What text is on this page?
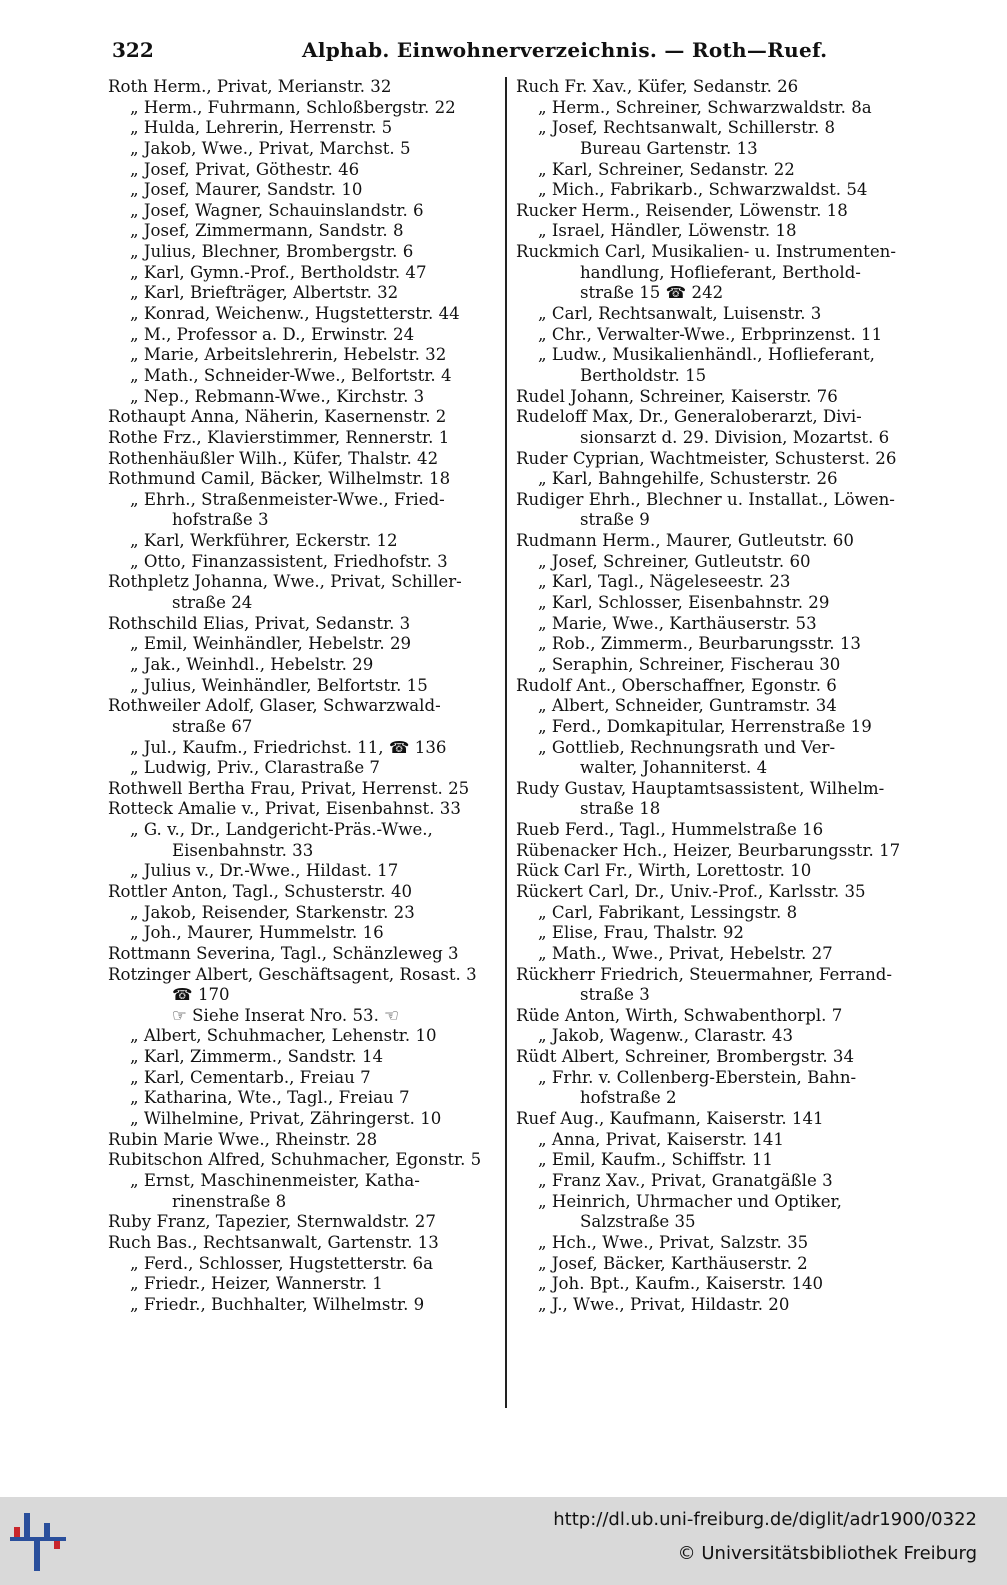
322	Alphab. Einwohnerverzeichnis. — Roth—Ruef.
Roth Herm., Privat, Merianstr. 32
„ Herm., Fuhrmann, Schloßbergstr. 22
„ Hulda, Lehrerin, Herrenstr. 5
„ Jakob, Wwe., Privat, Marchst. 5
„ Josef, Privat, Göthestr. 46
„ Josef, Maurer, Sandstr. 10
„ Josef, Wagner, Schauinslandstr. 6
„ Josef, Zimmermann, Sandstr. 8
„ Julius, Blechner, Brombergstr. 6
„ Karl, Gymn.-Prof., Bertholdstr. 47
„ Karl, Briefträger, Albertstr. 32
„ Konrad, Weichenw., Hugstetterstr. 44
„ M., Professor a. D., Erwinstr. 24
„ Marie, Arbeitslehrerin, Hebelstr. 32
„ Math., Schneider-Wwe., Belfortstr. 4
„ Nep., Rebmann-Wwe., Kirchstr. 3
Rothaupt Anna, Näherin, Kasernenstr. 2
Rothe Frz., Klavierstimmer, Rennerstr. 1
Rothenhäußler Wilh., Küfer, Thalstr. 42
Rothmund Camil, Bäcker, Wilhelmstr. 18
„ Ehrh., Straßenmeister-Wwe., Fried-
hofstraße 3
„ Karl, Werkführer, Eckerstr. 12
„ Otto, Finanzassistent, Friedhofstr. 3
Rothpletz Johanna, Wwe., Privat, Schiller-
straße 24
Rothschild Elias, Privat, Sedanstr. 3
„ Emil, Weinhändler, Hebelstr. 29
„ Jak., Weinhdl., Hebelstr. 29
„ Julius, Weinhändler, Belfortstr. 15
Rothweiler Adolf, Glaser, Schwarzwald-
straße 67
„ Jul., Kaufm., Friedrichst. 11, ☎ 136
„ Ludwig, Priv., Clarastraße 7
Rothwell Bertha Frau, Privat, Herrenst. 25
Rotteck Amalie v., Privat, Eisenbahnst. 33
„ G. v., Dr., Landgericht-Präs.-Wwe.,
Eisenbahnstr. 33
„ Julius v., Dr.-Wwe., Hildast. 17
Rottler Anton, Tagl., Schusterstr. 40
„ Jakob, Reisender, Starkenstr. 23
„ Joh., Maurer, Hummelstr. 16
Rottmann Severina, Tagl., Schänzleweg 3
Rotzinger Albert, Geschäftsagent, Rosast. 3
☎ 170
☞ Siehe Inserat Nro. 53. ☜
„ Albert, Schuhmacher, Lehenstr. 10
„ Karl, Zimmerm., Sandstr. 14
„ Karl, Cementarb., Freiau 7
„ Katharina, Wte., Tagl., Freiau 7
„ Wilhelmine, Privat, Zähringerst. 10
Rubin Marie Wwe., Rheinstr. 28
Rubitschon Alfred, Schuhmacher, Egonstr. 5
„ Ernst, Maschinenmeister, Katha-
rinenstraße 8
Ruby Franz, Tapezier, Sternwaldstr. 27
Ruch Bas., Rechtsanwalt, Gartenstr. 13
„ Ferd., Schlosser, Hugstetterstr. 6a
„ Friedr., Heizer, Wannerstr. 1
„ Friedr., Buchhalter, Wilhelmstr. 9
Ruch Fr. Xav., Küfer, Sedanstr. 26
„ Herm., Schreiner, Schwarzwaldstr. 8a
„ Josef, Rechtsanwalt, Schillerstr. 8
Bureau Gartenstr. 13
„ Karl, Schreiner, Sedanstr. 22
„ Mich., Fabrikarb., Schwarzwaldst. 54
Rucker Herm., Reisender, Löwenstr. 18
„ Israel, Händler, Löwenstr. 18
Ruckmich Carl, Musikalien- u. Instrumenten-
handlung, Hoflieferant, Berthold-
straße 15 ☎ 242
„ Carl, Rechtsanwalt, Luisenstr. 3
„ Chr., Verwalter-Wwe., Erbprinzenst. 11
„ Ludw., Musikalienhändl., Hoflieferant,
Bertholdstr. 15
Rudel Johann, Schreiner, Kaiserstr. 76
Rudeloff Max, Dr., Generaloberarzt, Divi-
sionsarzt d. 29. Division, Mozartst. 6
Ruder Cyprian, Wachtmeister, Schusterst. 26
„ Karl, Bahngehilfe, Schusterstr. 26
Rudiger Ehrh., Blechner u. Installat., Löwen-
straße 9
Rudmann Herm., Maurer, Gutleutstr. 60
„ Josef, Schreiner, Gutleutstr. 60
„ Karl, Tagl., Nägeleseestr. 23
„ Karl, Schlosser, Eisenbahnstr. 29
„ Marie, Wwe., Karthäuserstr. 53
„ Rob., Zimmerm., Beurbarungsstr. 13
„ Seraphin, Schreiner, Fischerau 30
Rudolf Ant., Oberschaffner, Egonstr. 6
„ Albert, Schneider, Guntramstr. 34
„ Ferd., Domkapitular, Herrenstraße 19
„ Gottlieb, Rechnungsrath und Ver-
walter, Johanniterst. 4
Rudy Gustav, Hauptamtsassistent, Wilhelm-
straße 18
Rueb Ferd., Tagl., Hummelstraße 16
Rübenacker Hch., Heizer, Beurbarungsstr. 17
Rück Carl Fr., Wirth, Lorettostr. 10
Rückert Carl, Dr., Univ.-Prof., Karlsstr. 35
„ Carl, Fabrikant, Lessingstr. 8
„ Elise, Frau, Thalstr. 92
„ Math., Wwe., Privat, Hebelstr. 27
Rückherr Friedrich, Steuermahner, Ferrand-
straße 3
Rüde Anton, Wirth, Schwabenthorpl. 7
„ Jakob, Wagenw., Clarastr. 43
Rüdt Albert, Schreiner, Brombergstr. 34
„ Frhr. v. Collenberg-Eberstein, Bahn-
hofstraße 2
Ruef Aug., Kaufmann, Kaiserstr. 141
„ Anna, Privat, Kaiserstr. 141
„ Emil, Kaufm., Schiffstr. 11
„ Franz Xav., Privat, Granatgäßle 3
„ Heinrich, Uhrmacher und Optiker,
Salzstraße 35
„ Hch., Wwe., Privat, Salzstr. 35
„ Josef, Bäcker, Karthäuserstr. 2
„ Joh. Bpt., Kaufm., Kaiserstr. 140
„ J., Wwe., Privat, Hildastr. 20
http://dl.ub.uni-freiburg.de/diglit/adr1900/0322
© Universitätsbibliothek Freiburg
